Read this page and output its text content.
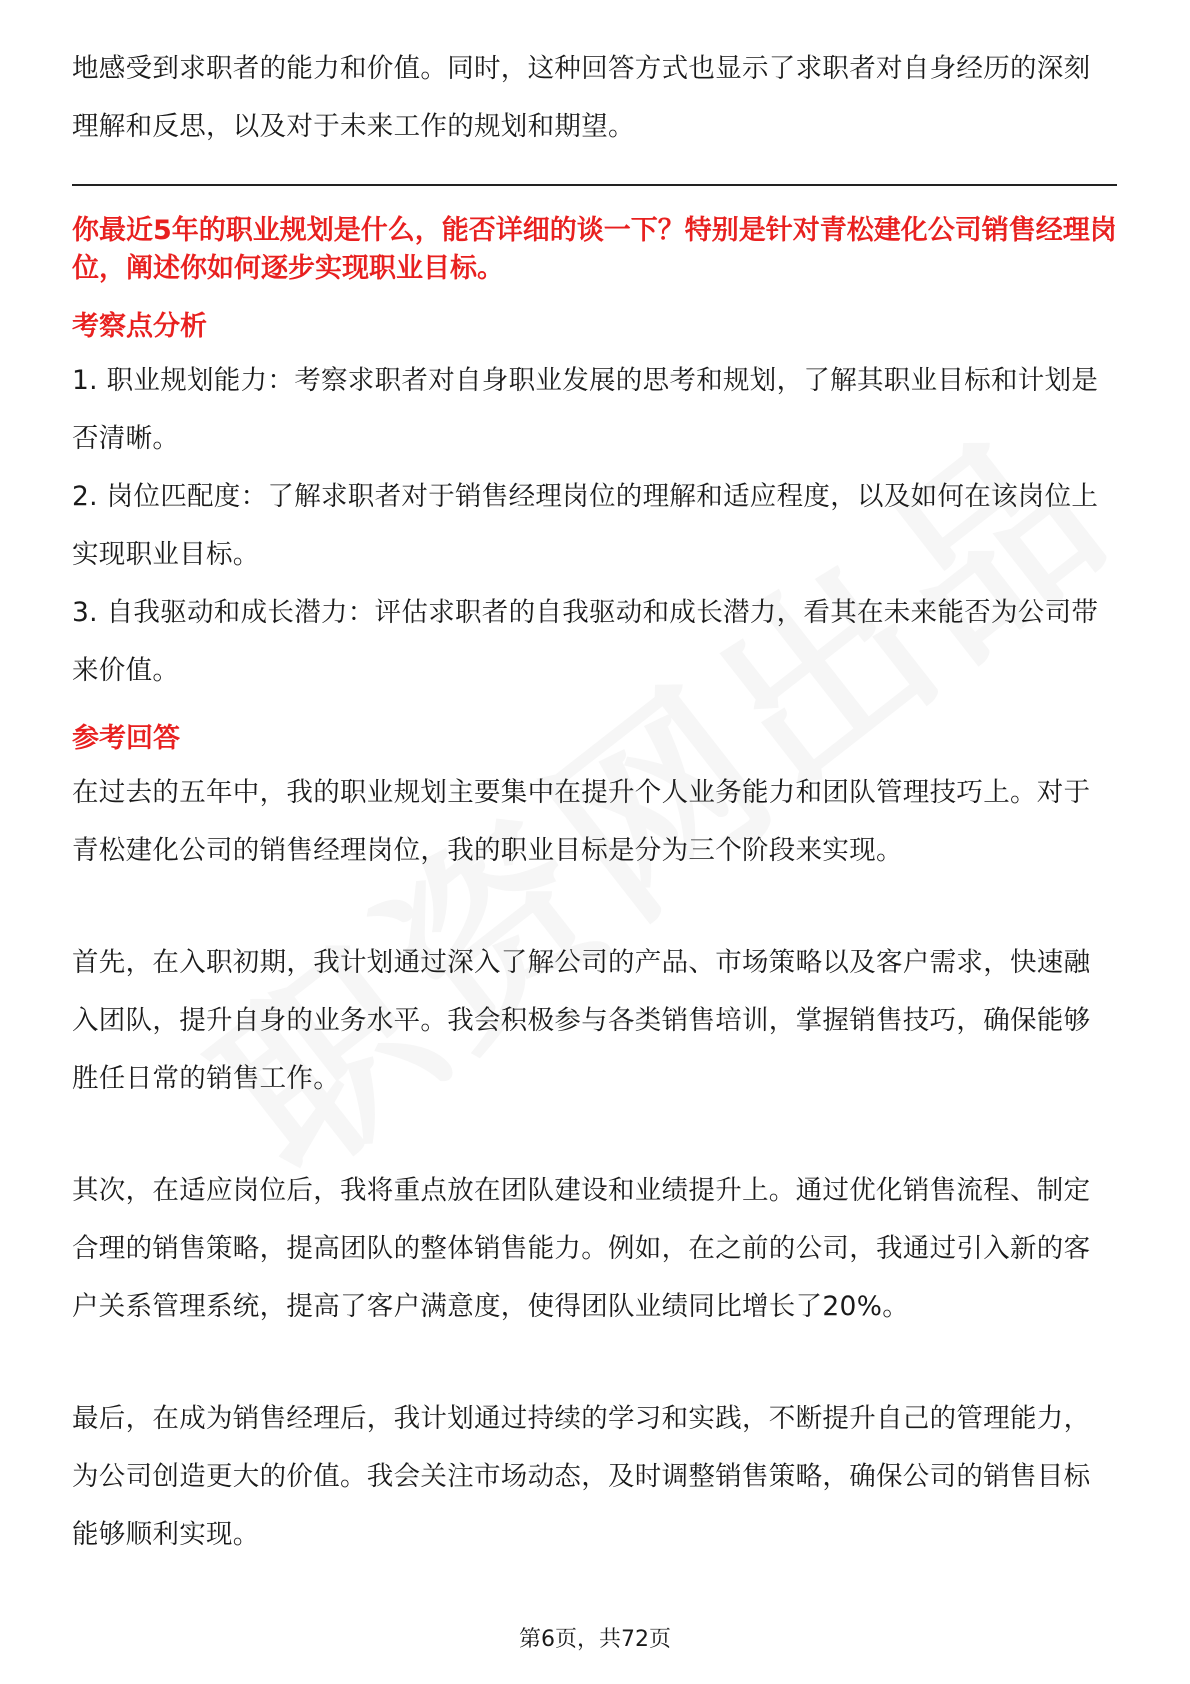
地感受到求职者的能力和价值。同时，这种回答方式也显示了求职者对自身经历的深刻理解和反思，以及对于未来工作的规划和期望。

你最近5年的职业规划是什么，能否详细的谈一下？特别是针对青松建化公司销售经理岗位，阐述你如何逐步实现职业目标。

考察点分析

1. 职业规划能力：考察求职者对自身职业发展的思考和规划，了解其职业目标和计划是否清晰。

2. 岗位匹配度：了解求职者对于销售经理岗位的理解和适应程度，以及如何在该岗位上实现职业目标。

3. 自我驱动和成长潜力：评估求职者的自我驱动和成长潜力，看其在未来能否为公司带来价值。

参考回答

在过去的五年中，我的职业规划主要集中在提升个人业务能力和团队管理技巧上。对于青松建化公司的销售经理岗位，我的职业目标是分为三个阶段来实现。

首先，在入职初期，我计划通过深入了解公司的产品、市场策略以及客户需求，快速融入团队，提升自身的业务水平。我会积极参与各类销售培训，掌握销售技巧，确保能够胜任日常的销售工作。

其次，在适应岗位后，我将重点放在团队建设和业绩提升上。通过优化销售流程、制定合理的销售策略，提高团队的整体销售能力。例如，在之前的公司，我通过引入新的客户关系管理系统，提高了客户满意度，使得团队业绩同比增长了20%。

最后，在成为销售经理后，我计划通过持续的学习和实践，不断提升自己的管理能力，为公司创造更大的价值。我会关注市场动态，及时调整销售策略，确保公司的销售目标能够顺利实现。

第6页，共72页
